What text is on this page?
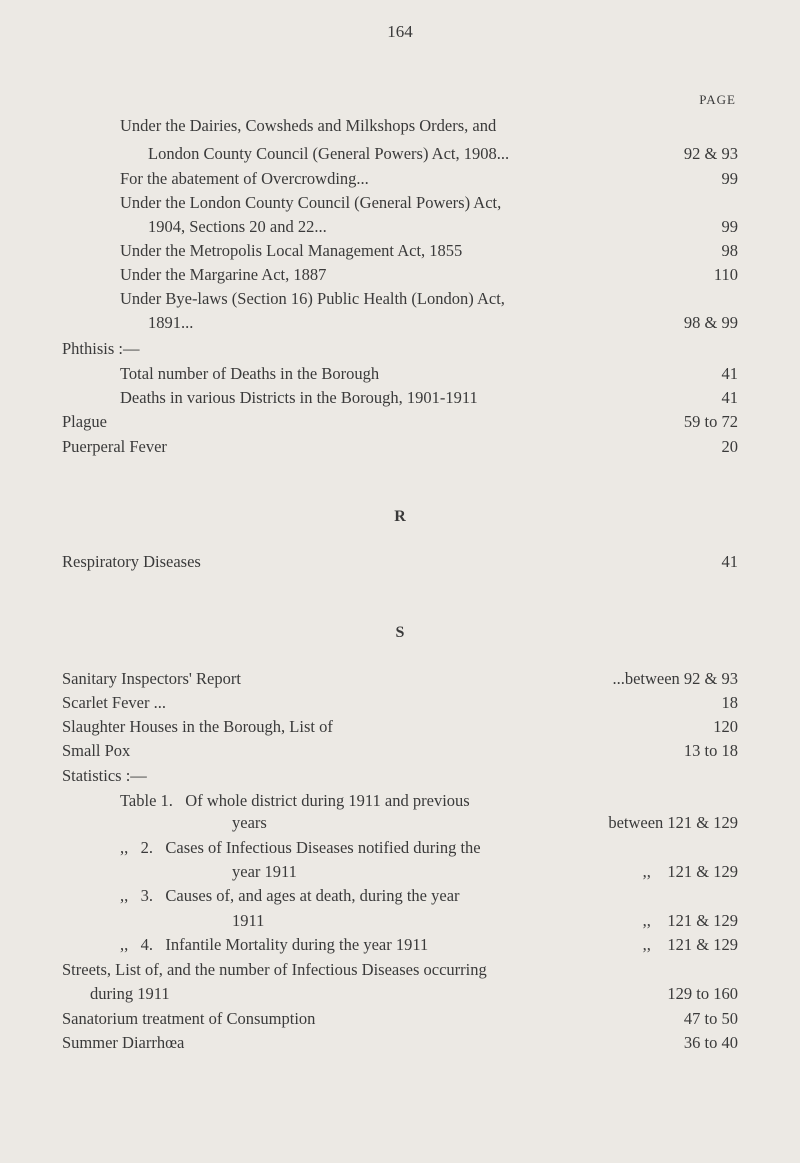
164
PAGE
Under the Dairies, Cowsheds and Milkshops Orders, and
London County Council (General Powers) Act, 1908...	92 & 93
For the abatement of Overcrowding...	99
Under the London County Council (General Powers) Act,
1904, Sections 20 and 22...	99
Under the Metropolis Local Management Act, 1855	98
Under the Margarine Act, 1887	110
Under Bye-laws (Section 16) Public Health (London) Act,
1891...	98 & 99
Phthisis :—
Total number of Deaths in the Borough	41
Deaths in various Districts in the Borough, 1901-1911	41
Plague	59 to 72
Puerperal Fever	20
R
Respiratory Diseases	41
S
Sanitary Inspectors' Report	...between 92 & 93
Scarlet Fever ...	18
Slaughter Houses in the Borough, List of	120
Small Pox	13 to 18
Statistics :—
Table 1.   Of whole district during 1911 and previous
years	between 121 & 129
,,   2.   Cases of Infectious Diseases notified during the
year 1911	,,    121 & 129
,,   3.   Causes of, and ages at death, during the year
1911	,,    121 & 129
,,   4.   Infantile Mortality during the year 1911	,,    121 & 129
Streets, List of, and the number of Infectious Diseases occurring
during 1911	129 to 160
Sanatorium treatment of Consumption	47 to 50
Summer Diarrhœa	36 to 40
